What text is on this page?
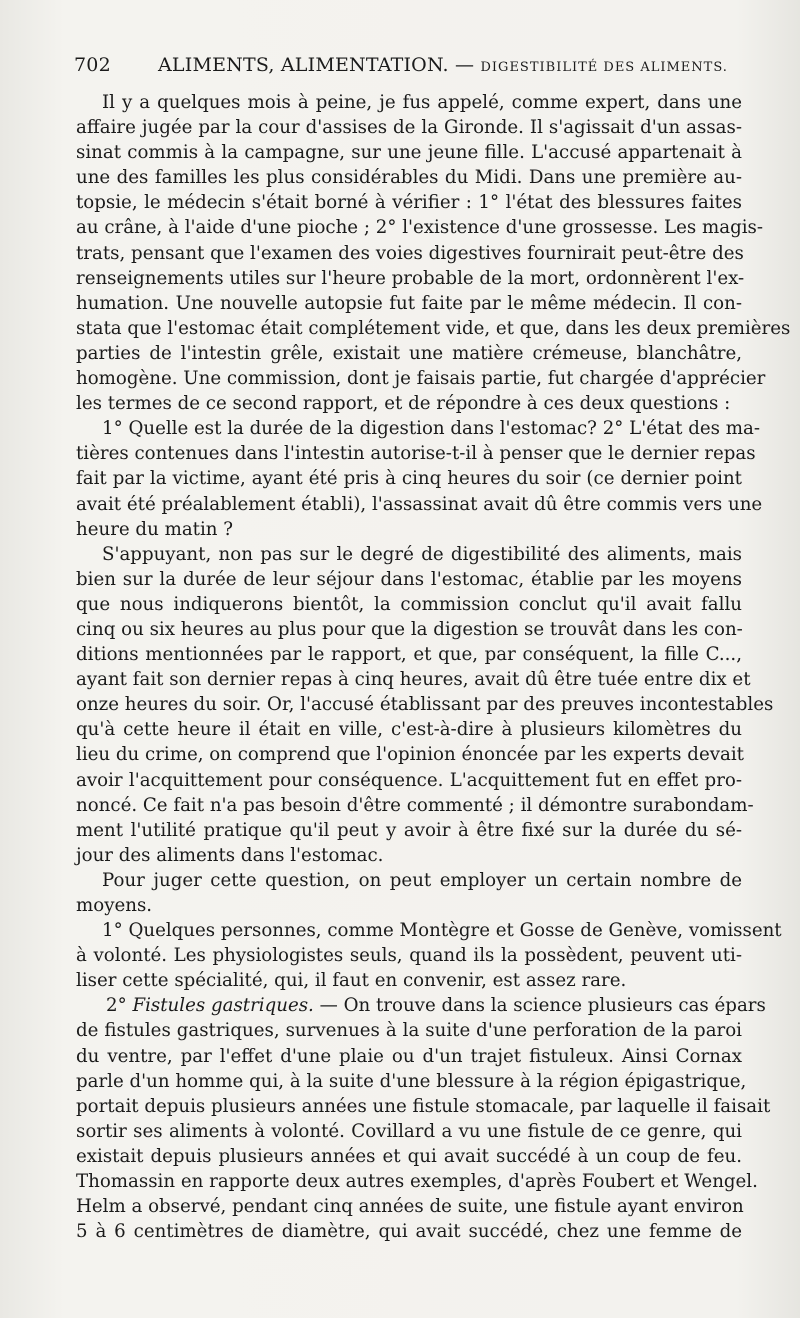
702 ALIMENTS, ALIMENTATION. — DIGESTIBILITÉ DES ALIMENTS.
Il y a quelques mois à peine, je fus appelé, comme expert, dans une
affaire jugée par la cour d'assises de la Gironde. Il s'agissait d'un assas-
sinat commis à la campagne, sur une jeune fille. L'accusé appartenait à
une des familles les plus considérables du Midi. Dans une première au-
topsie, le médecin s'était borné à vérifier : 1° l'état des blessures faites
au crâne, à l'aide d'une pioche ; 2° l'existence d'une grossesse. Les magis-
trats, pensant que l'examen des voies digestives fournirait peut-être des
renseignements utiles sur l'heure probable de la mort, ordonnèrent l'ex-
humation. Une nouvelle autopsie fut faite par le même médecin. Il con-
stata que l'estomac était complétement vide, et que, dans les deux premières
parties de l'intestin grêle, existait une matière crémeuse, blanchâtre,
homogène. Une commission, dont je faisais partie, fut chargée d'apprécier
les termes de ce second rapport, et de répondre à ces deux questions :
1° Quelle est la durée de la digestion dans l'estomac? 2° L'état des ma-
tières contenues dans l'intestin autorise-t-il à penser que le dernier repas
fait par la victime, ayant été pris à cinq heures du soir (ce dernier point
avait été préalablement établi), l'assassinat avait dû être commis vers une
heure du matin ?
S'appuyant, non pas sur le degré de digestibilité des aliments, mais
bien sur la durée de leur séjour dans l'estomac, établie par les moyens
que nous indiquerons bientôt, la commission conclut qu'il avait fallu
cinq ou six heures au plus pour que la digestion se trouvât dans les con-
ditions mentionnées par le rapport, et que, par conséquent, la fille C...,
ayant fait son dernier repas à cinq heures, avait dû être tuée entre dix et
onze heures du soir. Or, l'accusé établissant par des preuves incontestables
qu'à cette heure il était en ville, c'est-à-dire à plusieurs kilomètres du
lieu du crime, on comprend que l'opinion énoncée par les experts devait
avoir l'acquittement pour conséquence. L'acquittement fut en effet pro-
noncé. Ce fait n'a pas besoin d'être commenté ; il démontre surabondam-
ment l'utilité pratique qu'il peut y avoir à être fixé sur la durée du sé-
jour des aliments dans l'estomac.
Pour juger cette question, on peut employer un certain nombre de
moyens.
1° Quelques personnes, comme Montègre et Gosse de Genève, vomissent
à volonté. Les physiologistes seuls, quand ils la possèdent, peuvent uti-
liser cette spécialité, qui, il faut en convenir, est assez rare.
2° Fistules gastriques. — On trouve dans la science plusieurs cas épars
de fistules gastriques, survenues à la suite d'une perforation de la paroi
du ventre, par l'effet d'une plaie ou d'un trajet fistuleux. Ainsi Cornax
parle d'un homme qui, à la suite d'une blessure à la région épigastrique,
portait depuis plusieurs années une fistule stomacale, par laquelle il faisait
sortir ses aliments à volonté. Covillard a vu une fistule de ce genre, qui
existait depuis plusieurs années et qui avait succédé à un coup de feu.
Thomassin en rapporte deux autres exemples, d'après Foubert et Wengel.
Helm a observé, pendant cinq années de suite, une fistule ayant environ
5 à 6 centimètres de diamètre, qui avait succédé, chez une femme de
